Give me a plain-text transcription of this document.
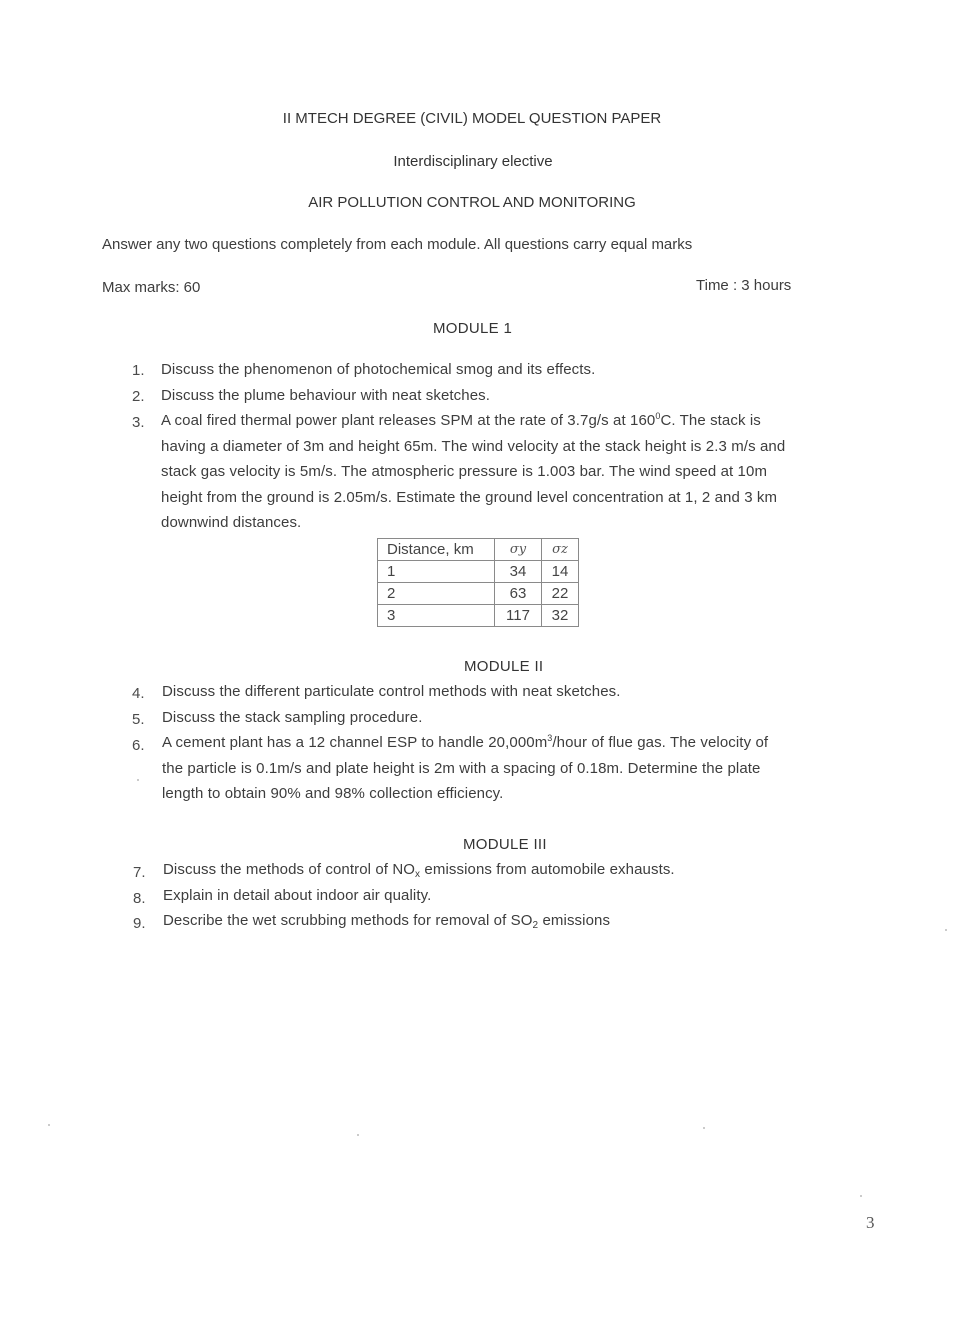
II MTECH DEGREE (CIVIL) MODEL QUESTION PAPER
Interdisciplinary elective
AIR POLLUTION CONTROL AND MONITORING
Answer any two questions completely from each module. All questions carry equal marks
Max marks: 60	Time : 3 hours
MODULE 1
1. Discuss the phenomenon of photochemical smog and its effects.
2. Discuss the plume behaviour with neat sketches.
3. A coal fired thermal power plant releases SPM at the rate of 3.7g/s at $160^0C$. The stack is
having a diameter of 3m and height 65m. The wind velocity at the stack height is 2.3 m/s and
stack gas velocity is 5m/s. The atmospheric pressure is 1.003 bar. The wind speed at 10m
height from the ground is 2.05m/s. Estimate the ground level concentration at 1, 2 and 3 km
downwind distances.
Distance, km	σy	σz
1	34	14
2	63	22
3	117	32
MODULE II
4. Discuss the different particulate control methods with neat sketches.
5. Discuss the stack sampling procedure.
6. A cement plant has a 12 channel ESP to handle $20,000m^3$/hour of flue gas. The velocity of
the particle is 0.1m/s and plate height is 2m with a spacing of 0.18m. Determine the plate
length to obtain 90% and 98% collection efficiency.
MODULE III
7. Discuss the methods of control of $NO_x$ emissions from automobile exhausts.
8. Explain in detail about indoor air quality.
9. Describe the wet scrubbing methods for removal of $SO_2$ emissions
3
